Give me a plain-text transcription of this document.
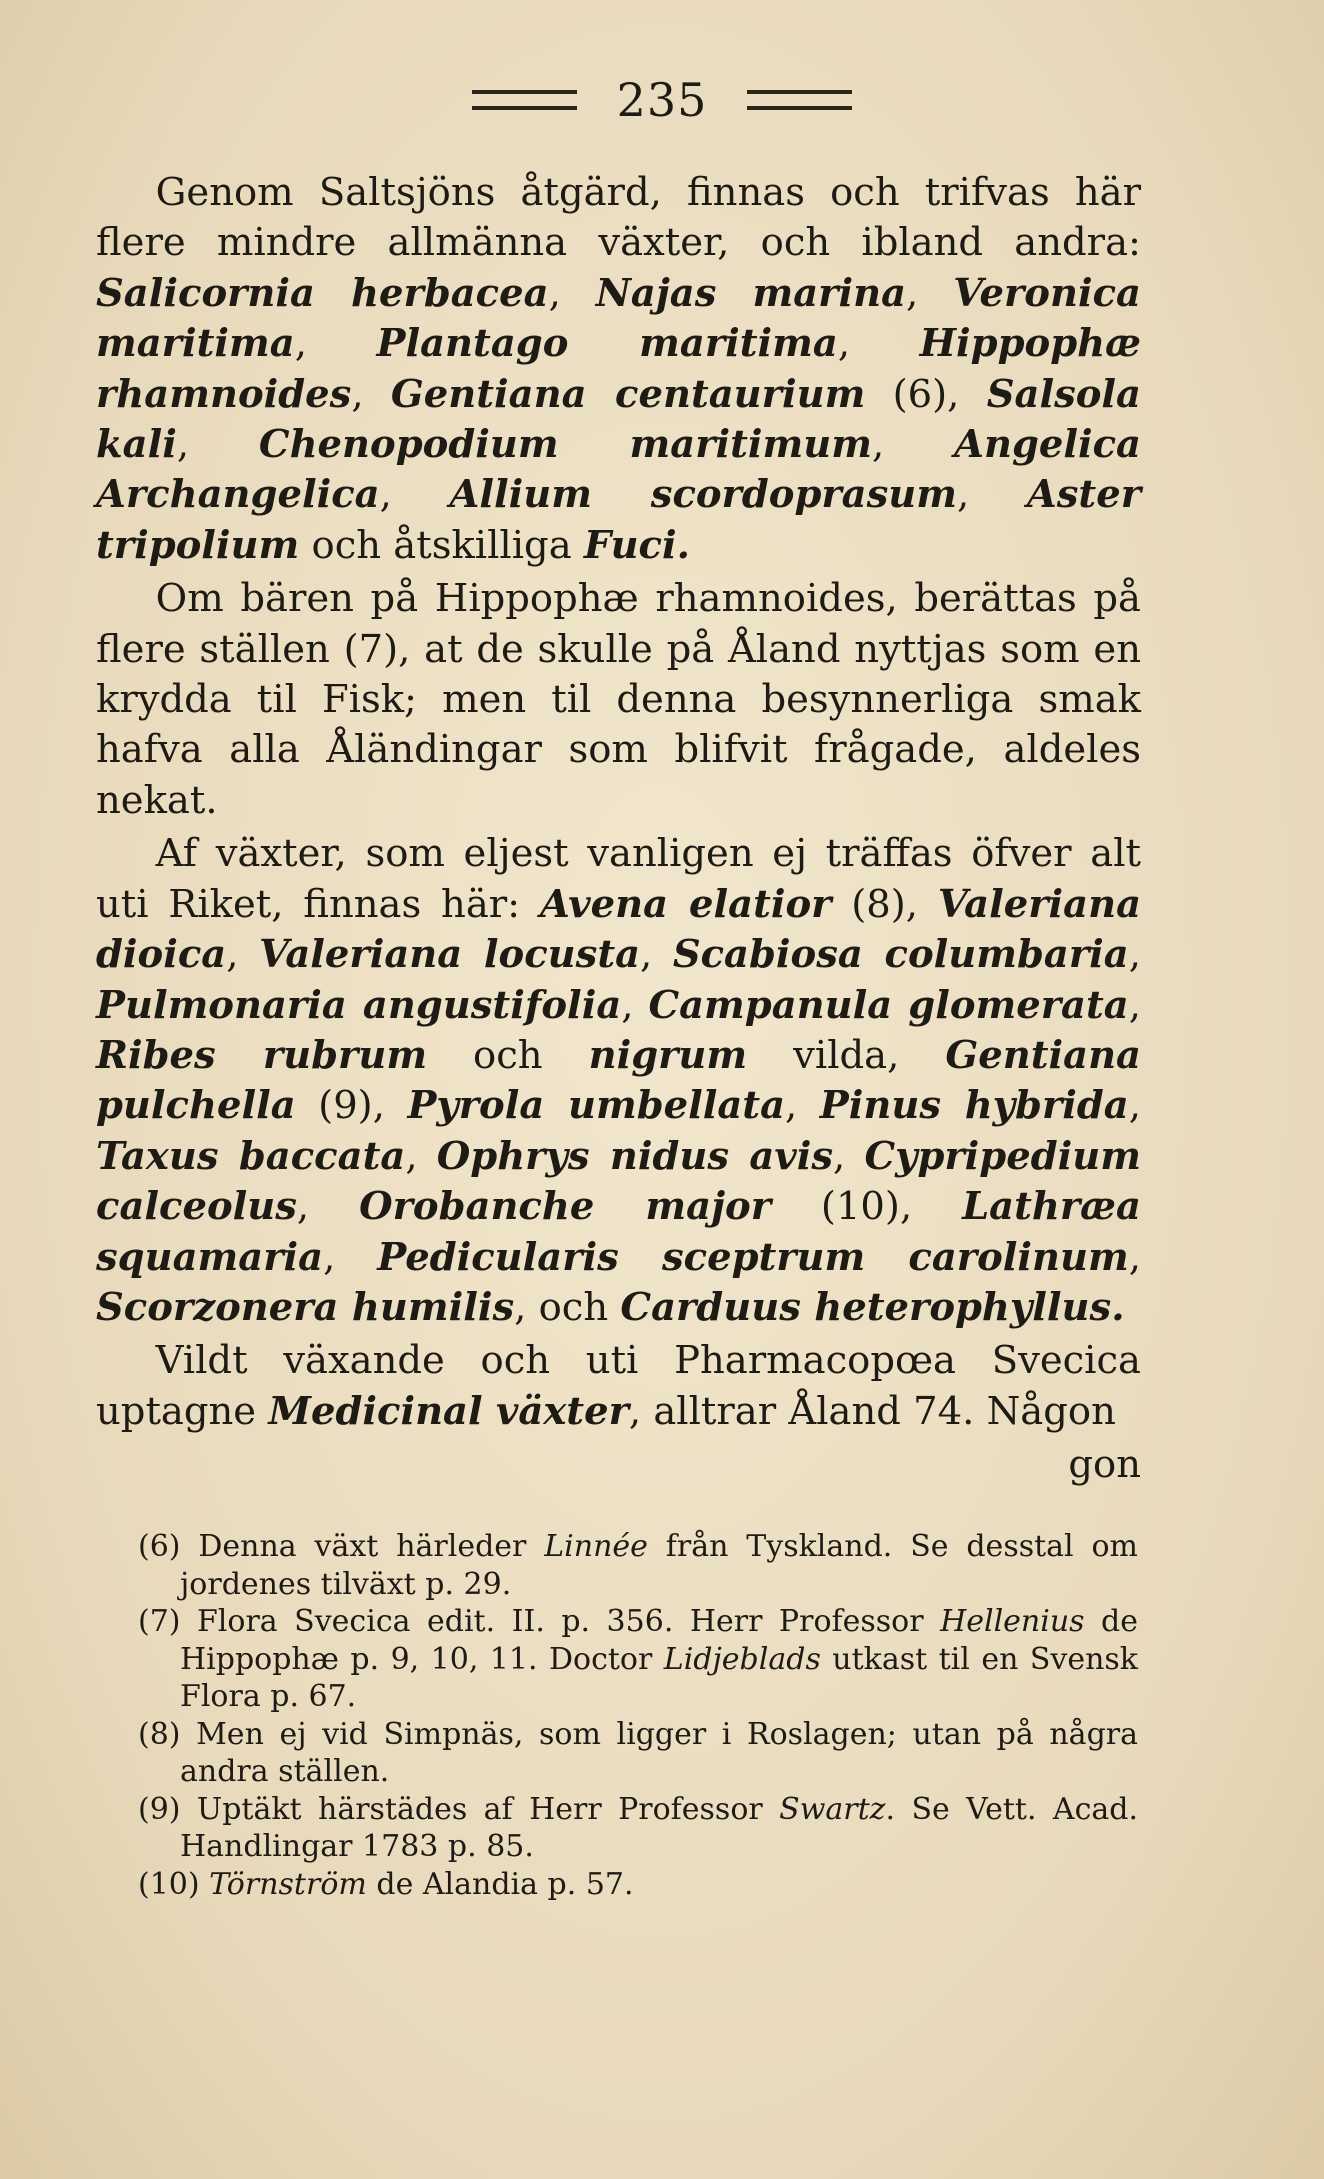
235

Genom Saltsjöns åtgärd, finnas och trifvas här flere mindre allmänna växter, och ibland andra: Salicornia herbacea, Najas marina, Veronica maritima, Plantago maritima, Hippophæ rhamnoides, Gentiana centaurium (6), Salsola kali, Chenopodium maritimum, Angelica Archangelica, Allium scordoprasum, Aster tripolium och åtskilliga Fuci.

Om bären på Hippophæ rhamnoides, berättas på flere ställen (7), at de skulle på Åland nyttjas som en krydda til Fisk; men til denna besynnerliga smak hafva alla Åländingar som blifvit frågade, aldeles nekat.

Af växter, som eljest vanligen ej träffas öfver alt uti Riket, finnas här: Avena elatior (8), Valeriana dioica, Valeriana locusta, Scabiosa columbaria, Pulmonaria angustifolia, Campanula glomerata, Ribes rubrum och nigrum vilda, Gentiana pulchella (9), Pyrola umbellata, Pinus hybrida, Taxus baccata, Ophrys nidus avis, Cypripedium calceolus, Orobanche major (10), Lathræa squamaria, Pedicularis sceptrum carolinum, Scorzonera humilis, och Carduus heterophyllus.

Vildt växande och uti Pharmacopœa Svecica uptagne Medicinal växter, alltrar Åland 74. Någon

gon

(6) Denna växt härleder Linnée från Tyskland. Se desstal om jordenes tilväxt p. 29.

(7) Flora Svecica edit. II. p. 356. Herr Professor Hellenius de Hippophæ p. 9, 10, 11. Doctor Lidjeblads utkast til en Svensk Flora p. 67.

(8) Men ej vid Simpnäs, som ligger i Roslagen; utan på några andra ställen.

(9) Uptäkt härstädes af Herr Professor Swartz. Se Vett. Acad. Handlingar 1783 p. 85.

(10) Törnström de Alandia p. 57.
